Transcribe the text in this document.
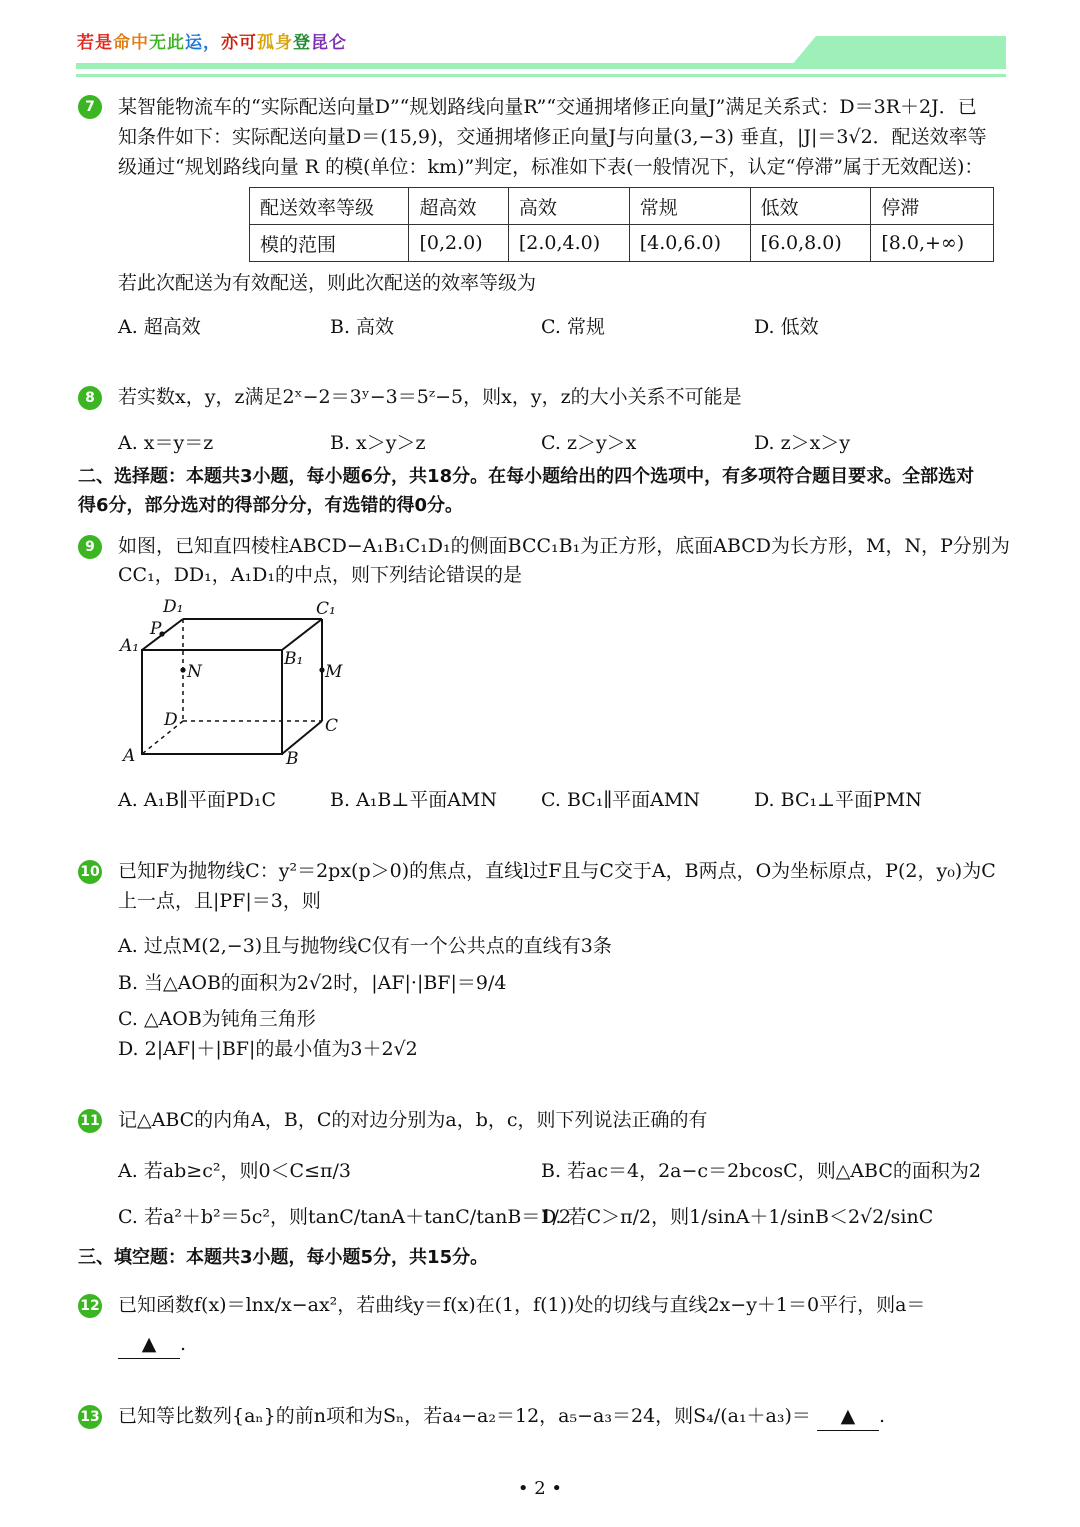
若是命中无此运，亦可孤身登昆仑
7	某智能物流车的“实际配送向量D”“规划路线向量R”“交通拥堵修正向量J”满足关系式：D＝3R＋2J．已
知条件如下：实际配送向量D＝(15,9)，交通拥堵修正向量J与向量(3,−3) 垂直，|J|＝3√2．配送效率等
级通过“规划路线向量 R 的模(单位：km)”判定，标准如下表(一般情况下，认定“停滞”属于无效配送)：
配送效率等级	超高效	高效	常规	低效	停滞
模的范围	[0,2.0)	[2.0,4.0)	[4.0,6.0)	[6.0,8.0)	[8.0,+∞)
若此次配送为有效配送，则此次配送的效率等级为
A. 超高效	B. 高效	C. 常规	D. 低效
8	若实数x，y，z满足2ˣ−2＝3ʸ−3＝5ᶻ−5，则x，y，z的大小关系不可能是
A. x＝y＝z	B. x＞y＞z	C. z＞y＞x	D. z＞x＞y
二、选择题：本题共3小题，每小题6分，共18分。在每小题给出的四个选项中，有多项符合题目要求。全部选对
得6分，部分选对的得部分分，有选错的得0分。
9	如图，已知直四棱柱ABCD−A₁B₁C₁D₁的侧面BCC₁B₁为正方形，底面ABCD为长方形，M，N，P分别为
CC₁，DD₁，A₁D₁的中点，则下列结论错误的是
D₁	C₁
P
A₁
B₁
N	M
D	C
A	B
A. A₁B∥平面PD₁C	B. A₁B⊥平面AMN C. BC₁∥平面AMN	D. BC₁⊥平面PMN
10 已知F为抛物线C：y²＝2px(p＞0)的焦点，直线l过F且与C交于A，B两点，O为坐标原点，P(2，y₀)为C
上一点，且|PF|＝3，则
A. 过点M(2,−3)且与抛物线C仅有一个公共点的直线有3条
B. 当△AOB的面积为2√2时，|AF|·|BF|＝9/4
C. △AOB为钝角三角形
D. 2|AF|＋|BF|的最小值为3＋2√2
11 记△ABC的内角A，B，C的对边分别为a，b，c，则下列说法正确的有
A. 若ab≥c²，则0＜C≤π/3	B. 若ac＝4，2a−c＝2bcosC，则△ABC的面积为2
C. 若a²＋b²＝5c²，则tanC/tanA＋tanC/tanB＝1/2
D. 若C＞π/2，则1/sinA＋1/sinB＜2√2/sinC
三、填空题：本题共3小题，每小题5分，共15分。
12 已知函数f(x)＝lnx/x−ax²，若曲线y＝f(x)在(1，f(1))处的切线与直线2x−y＋1＝0平行，则a＝
▲ .
13 已知等比数列{aₙ}的前n项和为Sₙ，若a₄−a₂＝12，a₅−a₃＝24，则S₄/(a₁＋a₃)＝ ▲ .
• 2 •
